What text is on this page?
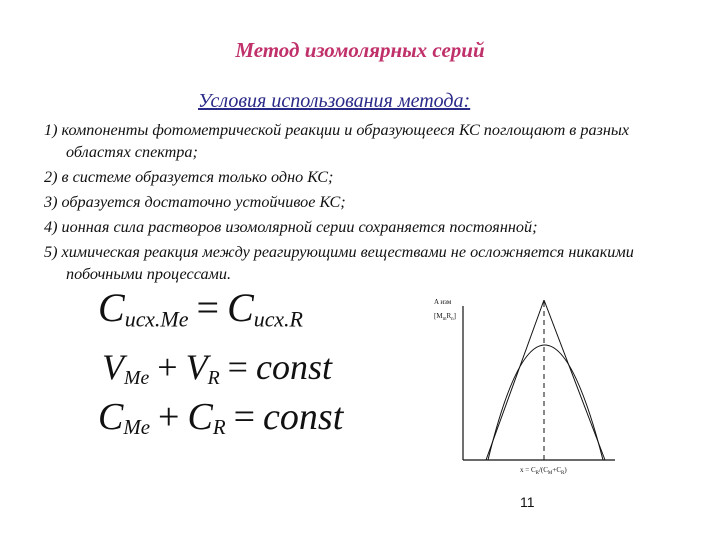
Метод изомолярных серий
Условия использования метода:

1) компоненты фотометрической реакции и образующееся КС поглощают в разных областях спектра;

2) в системе образуется только одно КС;

3) образуется достаточно устойчивое КС;

4) ионная сила растворов изомолярной серии сохраняется постоянной;

5) химическая реакция между реагирующими веществами не осложняется никакими побочными процессами.

$C_{исх.Me} = C_{исх.R}$
$V_{Me} + V_R$ = const
$C_{Me} + C_R$ = const
A изм
$[M_mR_n]$
$x = C_R/(C_M+C_R)$
11
